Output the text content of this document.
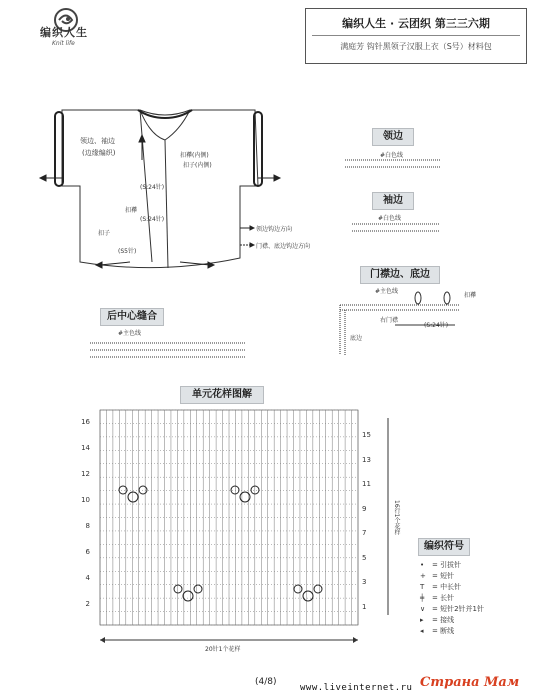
编织人生 · 云团织 第三三六期
满庭芳 钩针黑领子汉服上衣（S号）材料包
编织人生
Knit life
领边、袖边
(边缘编织)	扣襻(内侧)
扣子(内侧)
(S:24针)
扣襻
(S:24针)
扣子
(S5针)
领边钩边方向
门襟、底边钩边方向
领边
#白色线
袖边
#白色线
门襟边、底边
#主色线
扣襻
右门襟
(S:24针)
底边
后中心缝合
#主色线
单元花样图解
16行1个花样
20针1个花样
16
14
12
10
8
6
4
2
15
13
11
9
7
5
3
1
编织符号
• = 引拔针
+ = 短针
T = 中长针
╪ = 长针
∨ = 短针2针并1针
▸ = 接线
◂ = 断线
(4/8)
www.liveinternet.ru Страна Мам
